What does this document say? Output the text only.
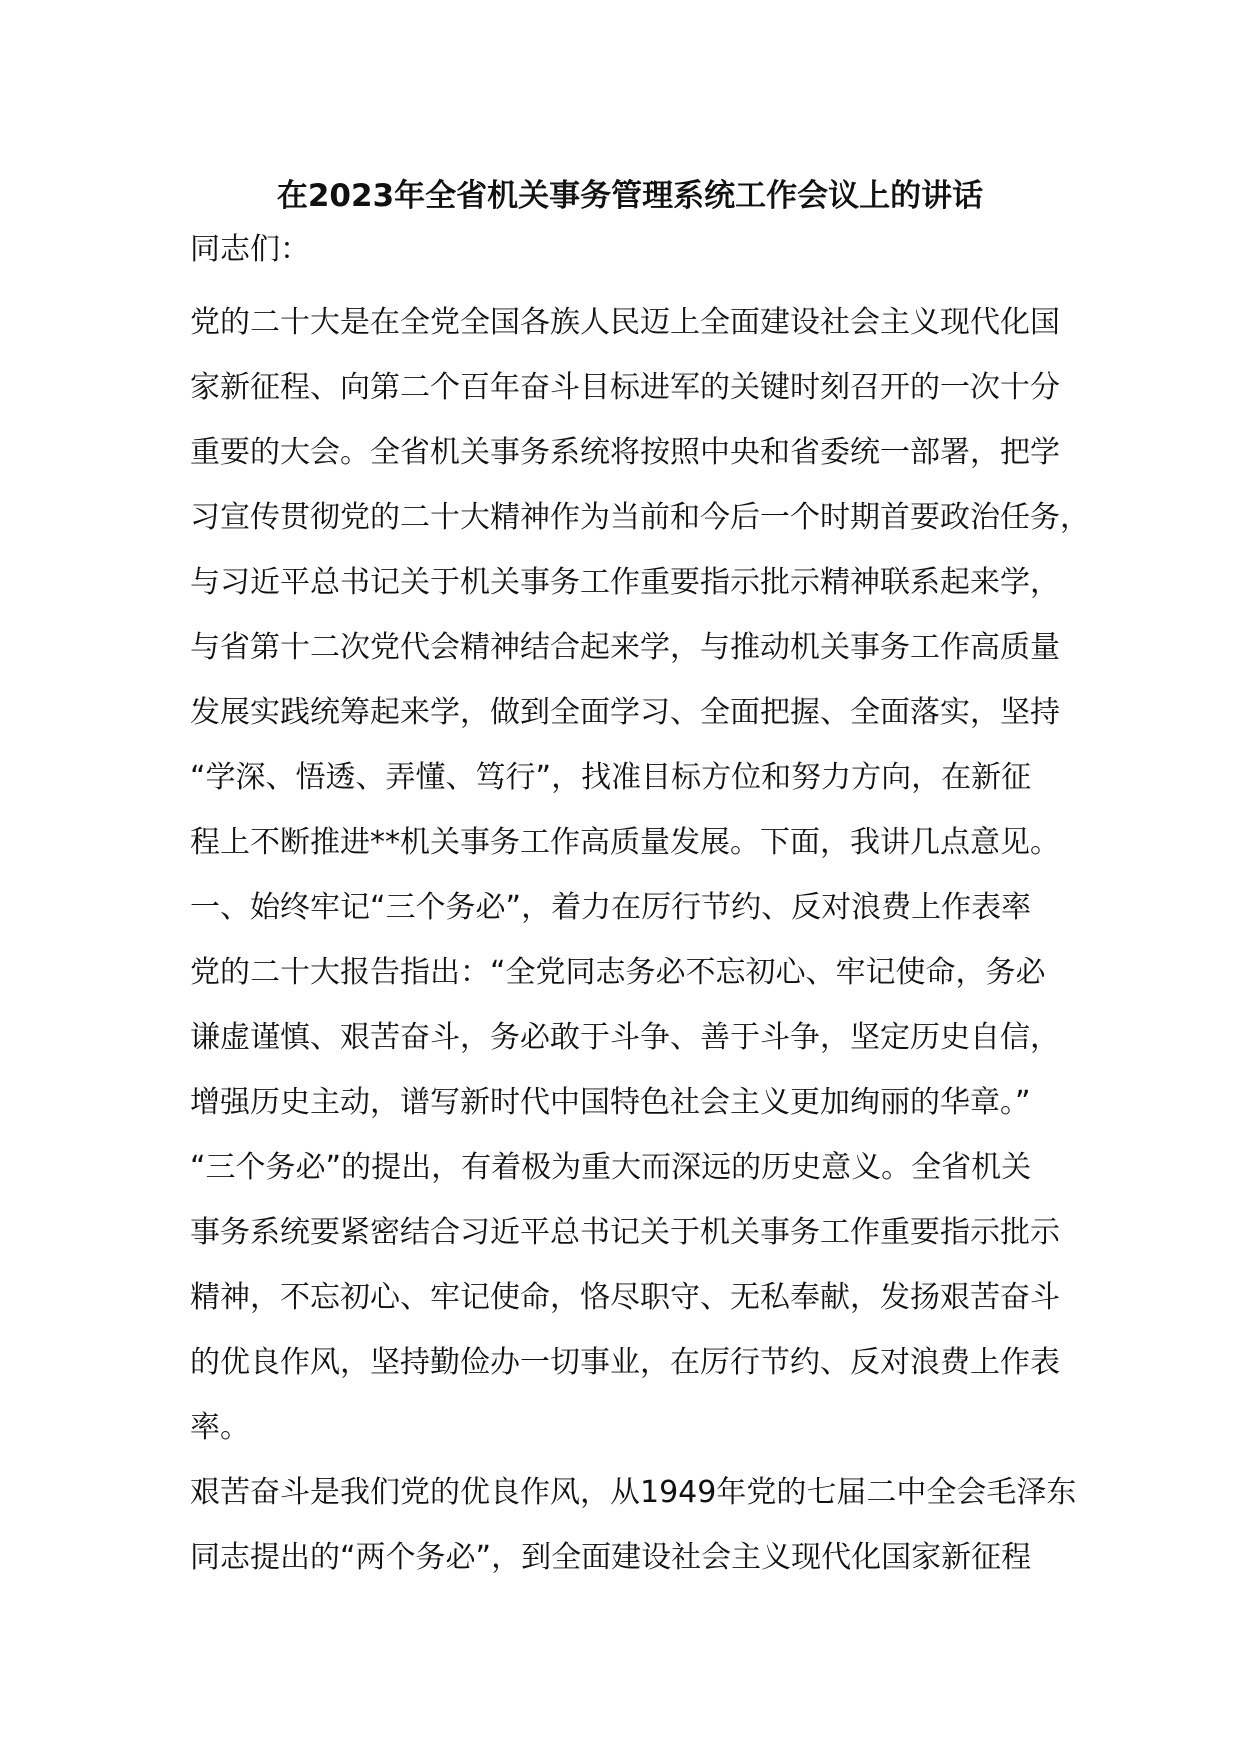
在2023年全省机关事务管理系统工作会议上的讲话

同志们：

党的二十大是在全党全国各族人民迈上全面建设社会主义现代化国
家新征程、向第二个百年奋斗目标进军的关键时刻召开的一次十分
重要的大会。全省机关事务系统将按照中央和省委统一部署，把学
习宣传贯彻党的二十大精神作为当前和今后一个时期首要政治任务，
与习近平总书记关于机关事务工作重要指示批示精神联系起来学，
与省第十二次党代会精神结合起来学，与推动机关事务工作高质量
发展实践统筹起来学，做到全面学习、全面把握、全面落实，坚持
“学深、悟透、弄懂、笃行”，找准目标方位和努力方向，在新征
程上不断推进**机关事务工作高质量发展。下面，我讲几点意见。
一、始终牢记“三个务必”，着力在厉行节约、反对浪费上作表率
党的二十大报告指出：“全党同志务必不忘初心、牢记使命，务必
谦虚谨慎、艰苦奋斗，务必敢于斗争、善于斗争，坚定历史自信，
增强历史主动，谱写新时代中国特色社会主义更加绚丽的华章。”
“三个务必”的提出，有着极为重大而深远的历史意义。全省机关
事务系统要紧密结合习近平总书记关于机关事务工作重要指示批示
精神，不忘初心、牢记使命，恪尽职守、无私奉献，发扬艰苦奋斗
的优良作风，坚持勤俭办一切事业，在厉行节约、反对浪费上作表
率。
艰苦奋斗是我们党的优良作风，从1949年党的七届二中全会毛泽东
同志提出的“两个务必”，到全面建设社会主义现代化国家新征程
